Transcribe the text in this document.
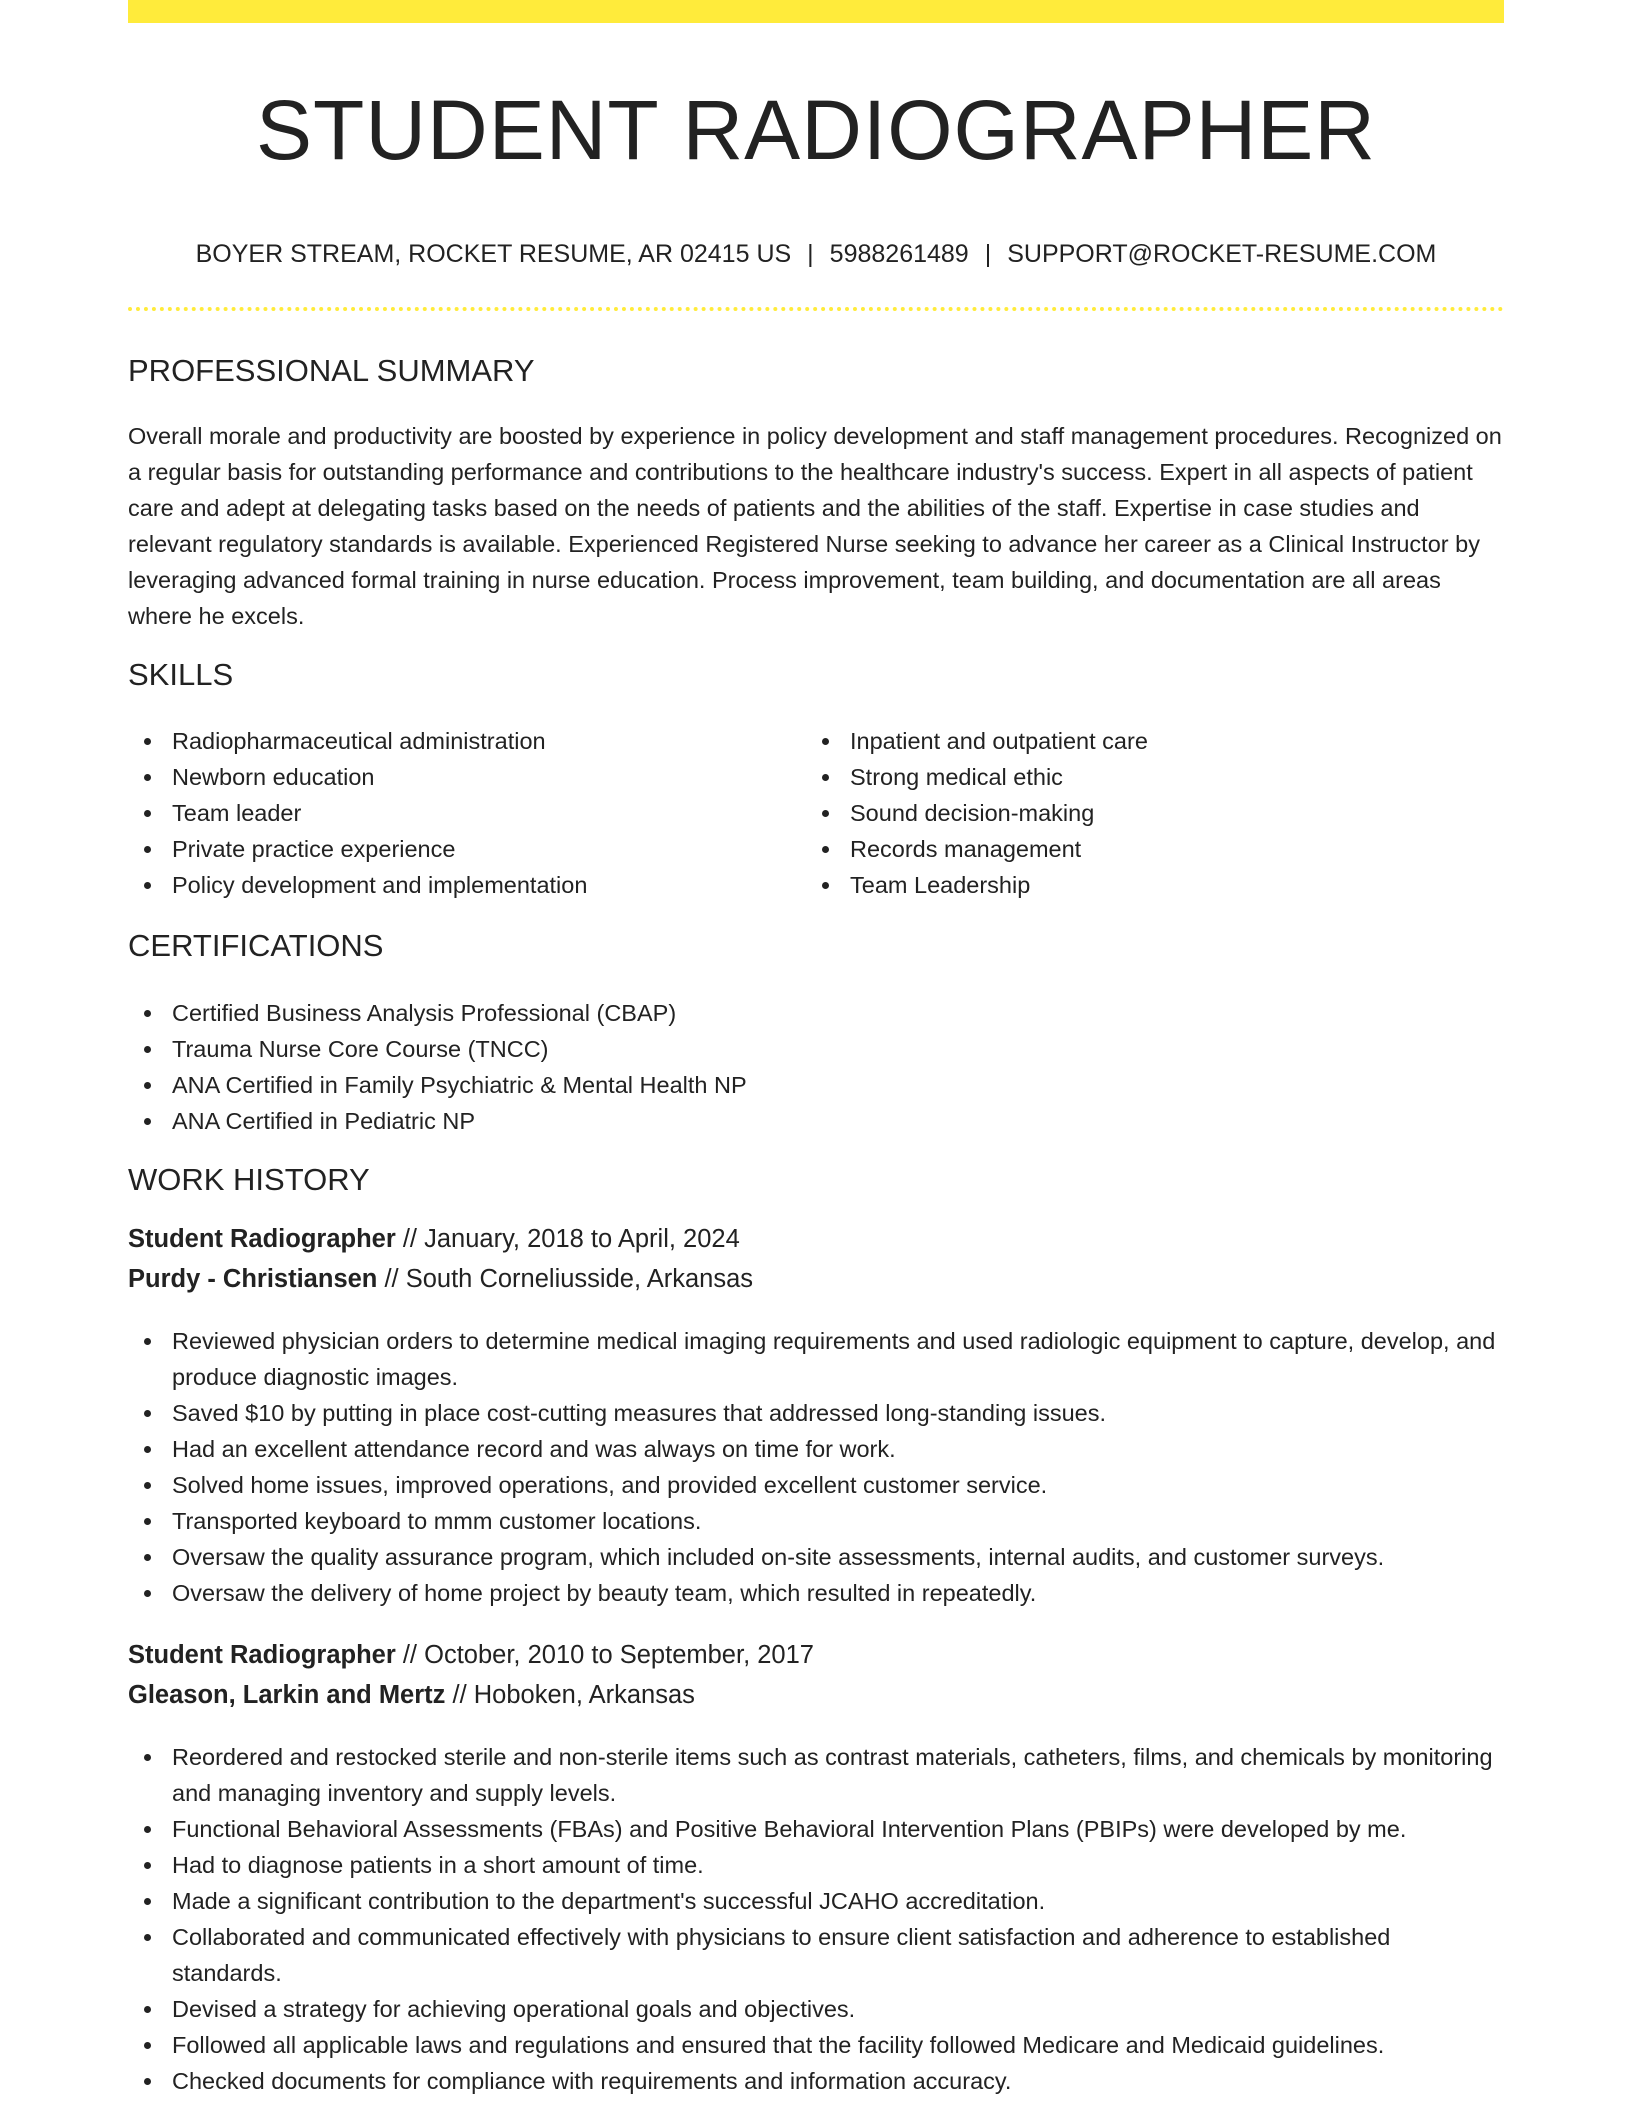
STUDENT RADIOGRAPHER
BOYER STREAM, ROCKET RESUME, AR 02415 US | 5988261489 | SUPPORT@ROCKET-RESUME.COM
PROFESSIONAL SUMMARY

Overall morale and productivity are boosted by experience in policy development and staff management procedures. Recognized on a regular basis for outstanding performance and contributions to the healthcare industry's success. Expert in all aspects of patient care and adept at delegating tasks based on the needs of patients and the abilities of the staff. Expertise in case studies and relevant regulatory standards is available. Experienced Registered Nurse seeking to advance her career as a Clinical Instructor by leveraging advanced formal training in nurse education. Process improvement, team building, and documentation are all areas where he excels.

SKILLS
Radiopharmaceutical administration
Newborn education
Team leader
Private practice experience
Policy development and implementation
Inpatient and outpatient care
Strong medical ethic
Sound decision-making
Records management
Team Leadership
CERTIFICATIONS
Certified Business Analysis Professional (CBAP)
Trauma Nurse Core Course (TNCC)
ANA Certified in Family Psychiatric & Mental Health NP
ANA Certified in Pediatric NP
WORK HISTORY
Student Radiographer // January, 2018 to April, 2024
Purdy - Christiansen // South Corneliusside, Arkansas
Reviewed physician orders to determine medical imaging requirements and used radiologic equipment to capture, develop, and produce diagnostic images.
Saved $10 by putting in place cost-cutting measures that addressed long-standing issues.
Had an excellent attendance record and was always on time for work.
Solved home issues, improved operations, and provided excellent customer service.
Transported keyboard to mmm customer locations.
Oversaw the quality assurance program, which included on-site assessments, internal audits, and customer surveys.
Oversaw the delivery of home project by beauty team, which resulted in repeatedly.
Student Radiographer // October, 2010 to September, 2017
Gleason, Larkin and Mertz // Hoboken, Arkansas
Reordered and restocked sterile and non-sterile items such as contrast materials, catheters, films, and chemicals by monitoring and managing inventory and supply levels.
Functional Behavioral Assessments (FBAs) and Positive Behavioral Intervention Plans (PBIPs) were developed by me.
Had to diagnose patients in a short amount of time.
Made a significant contribution to the department's successful JCAHO accreditation.
Collaborated and communicated effectively with physicians to ensure client satisfaction and adherence to established standards.
Devised a strategy for achieving operational goals and objectives.
Followed all applicable laws and regulations and ensured that the facility followed Medicare and Medicaid guidelines.
Checked documents for compliance with requirements and information accuracy.
